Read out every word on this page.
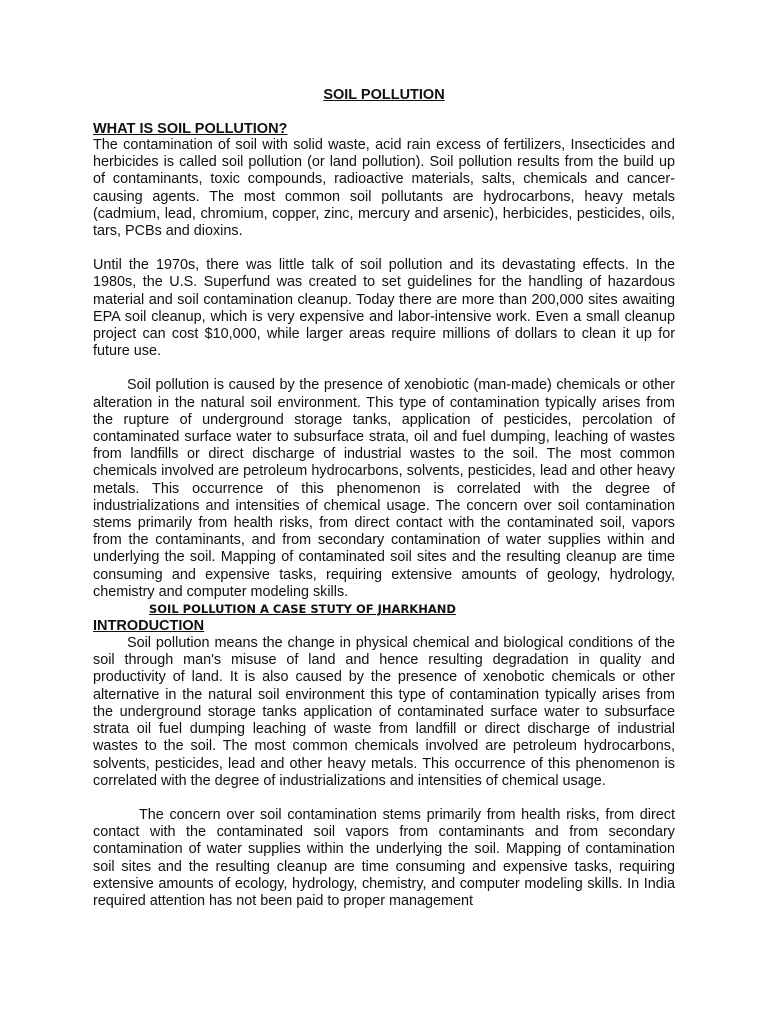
SOIL POLLUTION
WHAT IS SOIL POLLUTION?

The contamination of soil with solid waste, acid rain excess of fertilizers, Insecticides and herbicides is called soil pollution (or land pollution). Soil pollution results from the build up of contaminants, toxic compounds, radioactive materials, salts, chemicals and cancer-causing agents. The most common soil pollutants are hydrocarbons, heavy metals (cadmium, lead, chromium, copper, zinc, mercury and arsenic), herbicides, pesticides, oils, tars, PCBs and dioxins.

Until the 1970s, there was little talk of soil pollution and its devastating effects. In the 1980s, the U.S. Superfund was created to set guidelines for the handling of hazardous material and soil contamination cleanup. Today there are more than 200,000 sites awaiting EPA soil cleanup, which is very expensive and labor-intensive work. Even a small cleanup project can cost $10,000, while larger areas require millions of dollars to clean it up for future use.

Soil pollution is caused by the presence of xenobiotic (man-made) chemicals or other alteration in the natural soil environment. This type of contamination typically arises from the rupture of underground storage tanks, application of pesticides, percolation of contaminated surface water to subsurface strata, oil and fuel dumping, leaching of wastes from landfills or direct discharge of industrial wastes to the soil. The most common chemicals involved are petroleum hydrocarbons, solvents, pesticides, lead and other heavy metals. This occurrence of this phenomenon is correlated with the degree of industrializations and intensities of chemical usage. The concern over soil contamination stems primarily from health risks, from direct contact with the contaminated soil, vapors from the contaminants, and from secondary contamination of water supplies within and underlying the soil. Mapping of contaminated soil sites and the resulting cleanup are time consuming and expensive tasks, requiring extensive amounts of geology, hydrology, chemistry and computer modeling skills.

SOIL POLLUTION A CASE STUTY OF JHARKHAND
INTRODUCTION

Soil pollution means the change in physical chemical and biological conditions of the soil through man's misuse of land and hence resulting degradation in quality and productivity of land. It is also caused by the presence of xenobotic chemicals or other alternative in the natural soil environment this type of contamination typically arises from the underground storage tanks application of contaminated surface water to subsurface strata oil fuel dumping leaching of waste from landfill or direct discharge of industrial wastes to the soil. The most common chemicals involved are petroleum hydrocarbons, solvents, pesticides, lead and other heavy metals. This occurrence of this phenomenon is correlated with the degree of industrializations and intensities of chemical usage.

The concern over soil contamination stems primarily from health risks, from direct contact with the contaminated soil vapors from contaminants and from secondary contamination of water supplies within the underlying the soil. Mapping of contamination soil sites and the resulting cleanup are time consuming and expensive tasks, requiring extensive amounts of ecology, hydrology, chemistry, and computer modeling skills. In India required attention has not been paid to proper management
